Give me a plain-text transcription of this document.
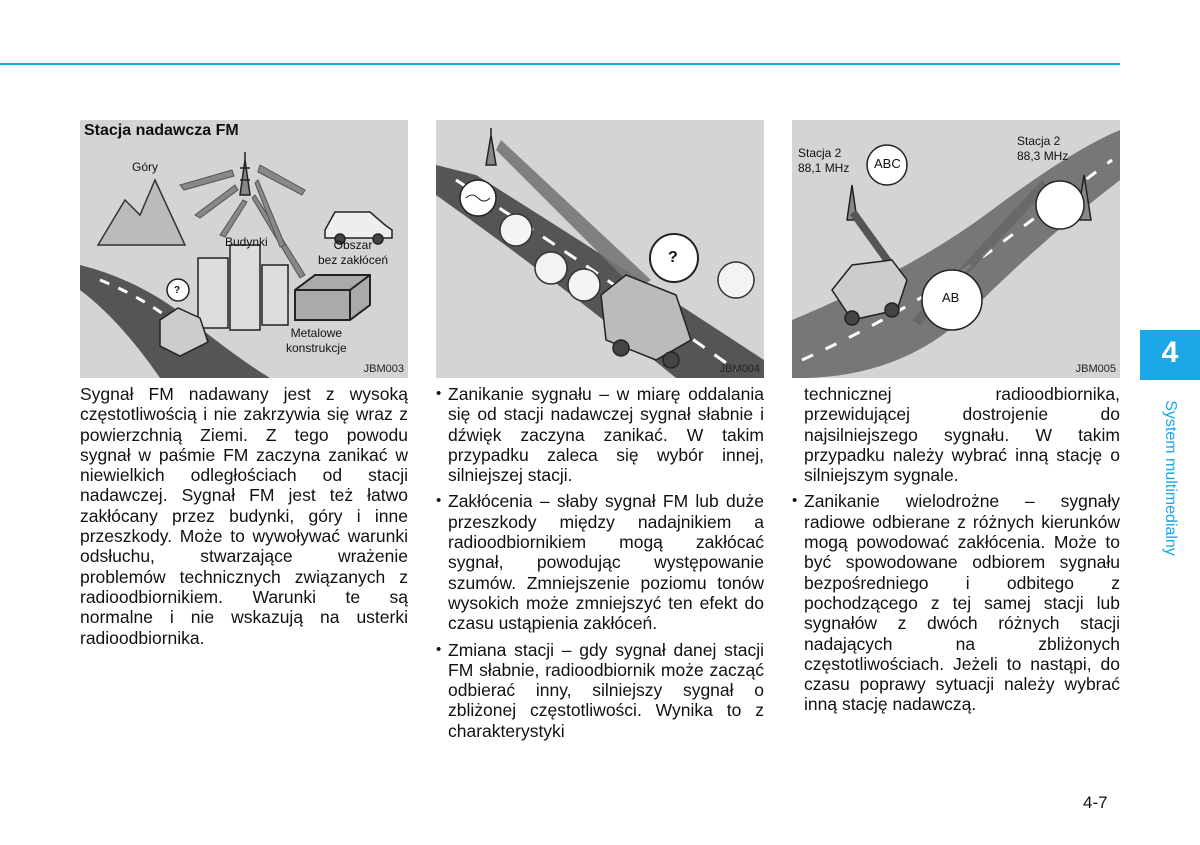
Stacja nadawcza FM
Góry
Budynki	Obszar
bez zakłóceń
Metalowe
konstrukcje
?
JBM003
?
JBM004
Stacja 2
88,1 MHz
Stacja 2
88,3 MHz
ABC
AB
JBM005

Sygnał FM nadawany jest z wysoką częstotliwością i nie zakrzywia się wraz z powierzchnią Ziemi. Z tego powodu sygnał w paśmie FM zaczyna zanikać w niewielkich odległościach od stacji nadawczej. Sygnał FM jest też łatwo zakłócany przez budynki, góry i inne przeszkody. Może to wywoływać warunki odsłuchu, stwarzające wrażenie problemów technicznych związanych z radioodbiornikiem. Warunki te są normalne i nie wskazują na usterki radioodbiornika.

• Zanikanie sygnału – w miarę oddalania się od stacji nadawczej sygnał słabnie i dźwięk zaczyna zanikać. W takim przypadku zaleca się wybór innej, silniejszej stacji.
• Zakłócenia – słaby sygnał FM lub duże przeszkody między nadajnikiem a radioodbiornikiem mogą zakłócać sygnał, powodując występowanie szumów. Zmniejszenie poziomu tonów wysokich może zmniejszyć ten efekt do czasu ustąpienia zakłóceń.
• Zmiana stacji – gdy sygnał danej stacji FM słabnie, radioodbiornik może zacząć odbierać inny, silniejszy sygnał o zbliżonej częstotliwości. Wynika to z charakterystyki
technicznej radioodbiornika, przewidującej dostrojenie do najsilniejszego sygnału. W takim przypadku należy wybrać inną stację o silniejszym sygnale.
• Zanikanie wielodrożne – sygnały radiowe odbierane z różnych kierunków mogą powodować zakłócenia. Może to być spowodowane odbiorem sygnału bezpośredniego i odbitego z pochodzącego z tej samej stacji lub sygnałów z dwóch różnych stacji nadających na zbliżonych częstotliwościach. Jeżeli to nastąpi, do czasu poprawy sytuacji należy wybrać inną stację nadawczą.
4
System multimedialny
4-7
